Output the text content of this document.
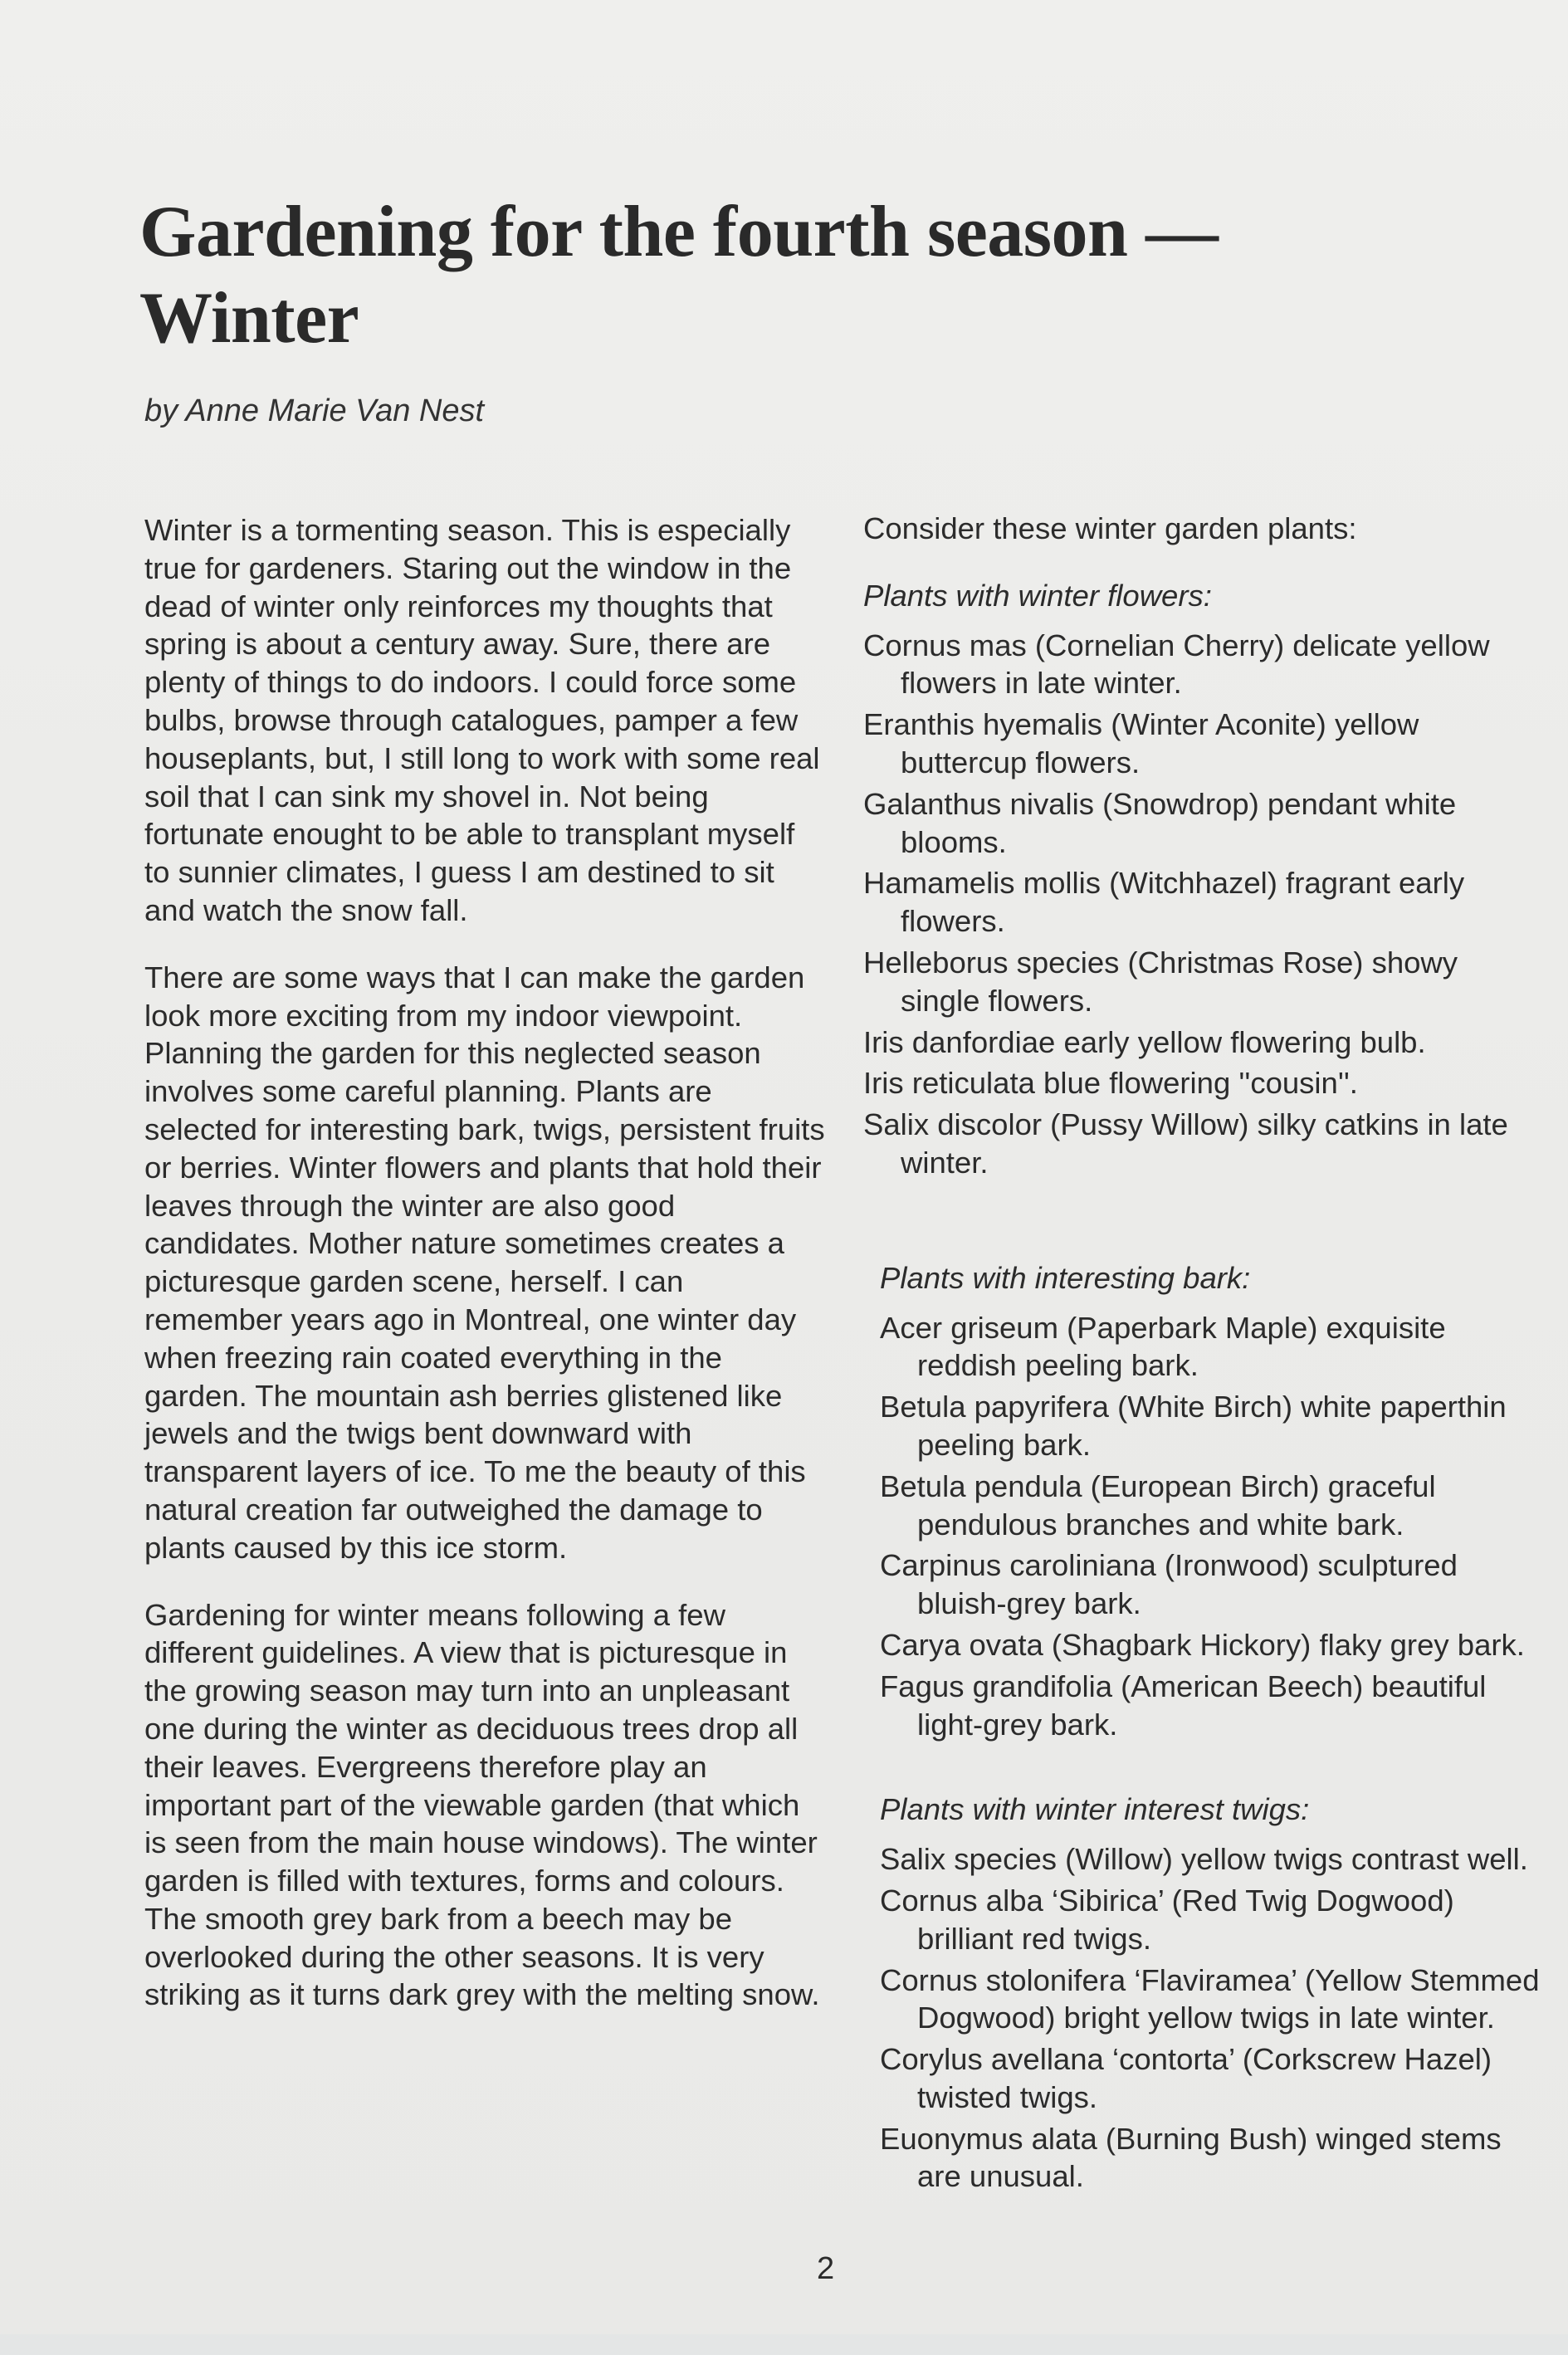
Gardening for the fourth season — Winter
by Anne Marie Van Nest

Winter is a tormenting season. This is especially true for gardeners. Staring out the window in the dead of winter only reinforces my thoughts that spring is about a century away. Sure, there are plenty of things to do indoors. I could force some bulbs, browse through catalogues, pamper a few houseplants, but, I still long to work with some real soil that I can sink my shovel in. Not being fortunate enought to be able to transplant myself to sunnier climates, I guess I am destined to sit and watch the snow fall.

There are some ways that I can make the garden look more exciting from my indoor viewpoint. Planning the garden for this neglected season involves some careful planning. Plants are selected for interesting bark, twigs, persistent fruits or berries. Winter flowers and plants that hold their leaves through the winter are also good candidates. Mother nature sometimes creates a picturesque garden scene, herself. I can remember years ago in Montreal, one winter day when freezing rain coated everything in the garden. The mountain ash berries glistened like jewels and the twigs bent downward with transparent layers of ice. To me the beauty of this natural creation far outweighed the damage to plants caused by this ice storm.

Gardening for winter means following a few different guidelines. A view that is picturesque in the growing season may turn into an unpleasant one during the winter as deciduous trees drop all their leaves. Evergreens therefore play an important part of the viewable garden (that which is seen from the main house windows). The winter garden is filled with textures, forms and colours. The smooth grey bark from a beech may be overlooked during the other seasons. It is very striking as it turns dark grey with the melting snow.

Consider these winter garden plants:

Plants with winter flowers:
Cornus mas (Cornelian Cherry) delicate yellow flowers in late winter.
Eranthis hyemalis (Winter Aconite) yellow buttercup flowers.
Galanthus nivalis (Snowdrop) pendant white blooms.
Hamamelis mollis (Witchhazel) fragrant early flowers.
Helleborus species (Christmas Rose) showy single flowers.
Iris danfordiae early yellow flowering bulb.
Iris reticulata blue flowering ''cousin''.
Salix discolor (Pussy Willow) silky catkins in late winter.
Plants with interesting bark:
Acer griseum (Paperbark Maple) exquisite reddish peeling bark.
Betula papyrifera (White Birch) white paperthin peeling bark.
Betula pendula (European Birch) graceful pendulous branches and white bark.
Carpinus caroliniana (Ironwood) sculptured bluish-grey bark.
Carya ovata (Shagbark Hickory) flaky grey bark.
Fagus grandifolia (American Beech) beautiful light-grey bark.
Plants with winter interest twigs:
Salix species (Willow) yellow twigs contrast well.
Cornus alba ‘Sibirica’ (Red Twig Dogwood) brilliant red twigs.
Cornus stolonifera ‘Flaviramea’ (Yellow Stemmed Dogwood) bright yellow twigs in late winter.
Corylus avellana ‘contorta’ (Corkscrew Hazel) twisted twigs.
Euonymus alata (Burning Bush) winged stems are unusual.
2
